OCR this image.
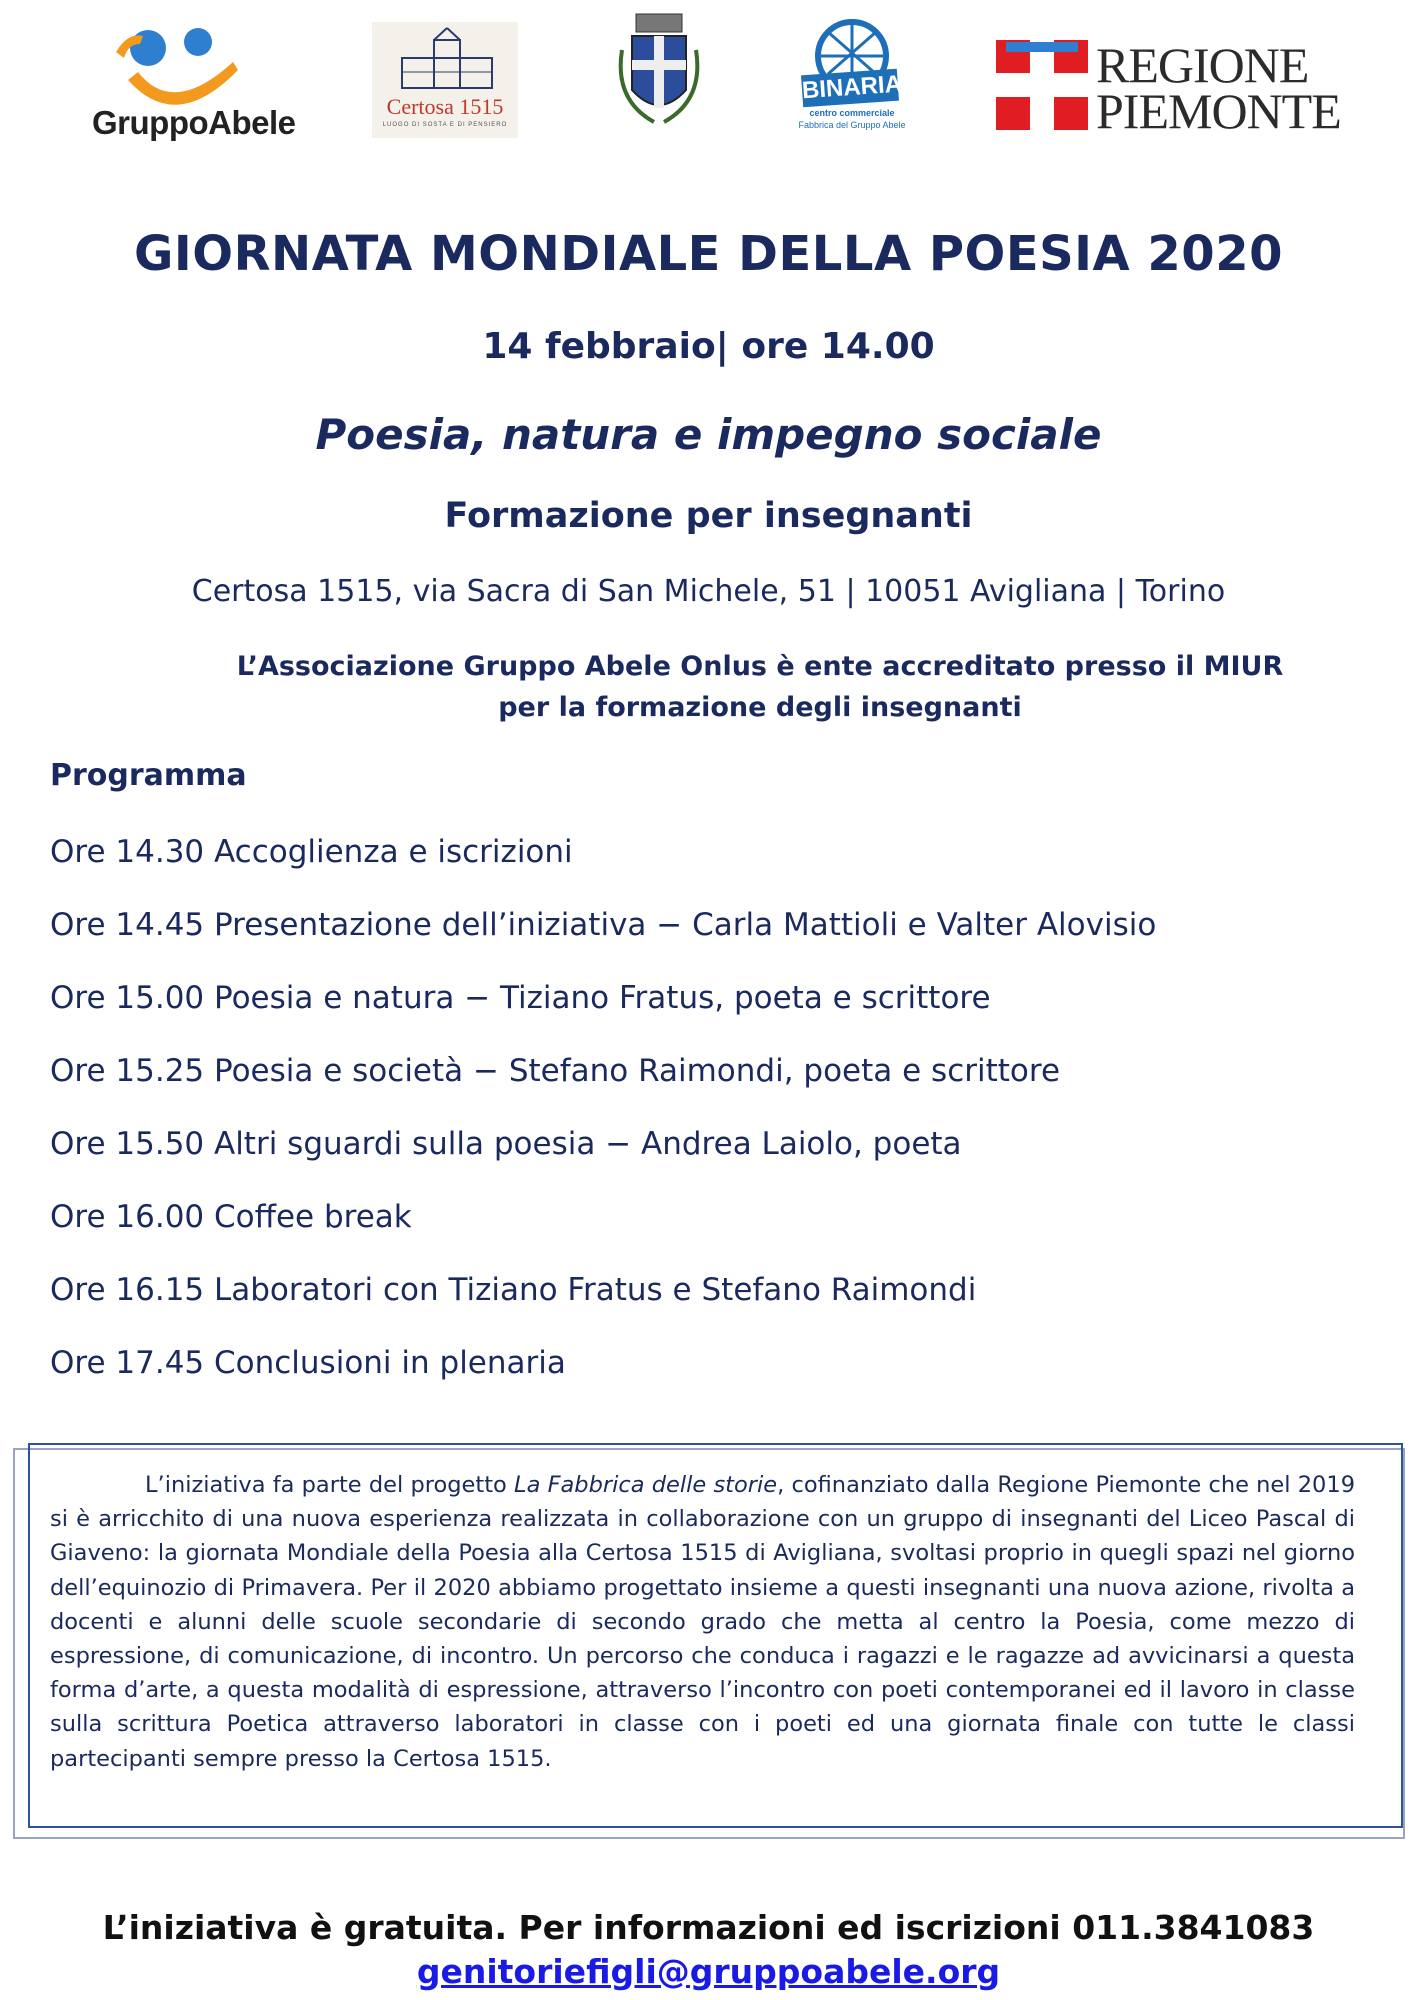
GruppoAbele	Certosa 1515
LUOGO DI SOSTA E DI PENSIERO
BINARIA
centro commerciale
Fabbrica del Gruppo Abele
REGIONE
PIEMONTE
GIORNATA MONDIALE DELLA POESIA 2020
14 febbraio| ore 14.00
Poesia, natura e impegno sociale
Formazione per insegnanti
Certosa 1515, via Sacra di San Michele, 51 | 10051 Avigliana | Torino
L’Associazione Gruppo Abele Onlus è ente accreditato presso il MIUR
per la formazione degli insegnanti
Programma
Ore 14.30 Accoglienza e iscrizioni
Ore 14.45 Presentazione dell’iniziativa − Carla Mattioli e Valter Alovisio
Ore 15.00 Poesia e natura − Tiziano Fratus, poeta e scrittore
Ore 15.25 Poesia e società − Stefano Raimondi, poeta e scrittore
Ore 15.50 Altri sguardi sulla poesia − Andrea Laiolo, poeta
Ore 16.00 Coffee break
Ore 16.15 Laboratori con Tiziano Fratus e Stefano Raimondi
Ore 17.45 Conclusioni in plenaria
L’iniziativa fa parte del progetto La Fabbrica delle storie, cofinanziato dalla Regione Piemonte che nel 2019 si è arricchito di una nuova esperienza realizzata in collaborazione con un gruppo di insegnanti del Liceo Pascal di Giaveno: la giornata Mondiale della Poesia alla Certosa 1515 di Avigliana, svoltasi proprio in quegli spazi nel giorno dell’equinozio di Primavera. Per il 2020 abbiamo progettato insieme a questi insegnanti una nuova azione, rivolta a docenti e alunni delle scuole secondarie di secondo grado che metta al centro la Poesia, come mezzo di espressione, di comunicazione, di incontro. Un percorso che conduca i ragazzi e le ragazze ad avvicinarsi a questa forma d’arte, a questa modalità di espressione, attraverso l’incontro con poeti contemporanei ed il lavoro in classe sulla scrittura Poetica attraverso laboratori in classe con i poeti ed una giornata finale con tutte le classi partecipanti sempre presso la Certosa 1515.
L’iniziativa è gratuita. Per informazioni ed iscrizioni 011.3841083
genitoriefigli@gruppoabele.org
